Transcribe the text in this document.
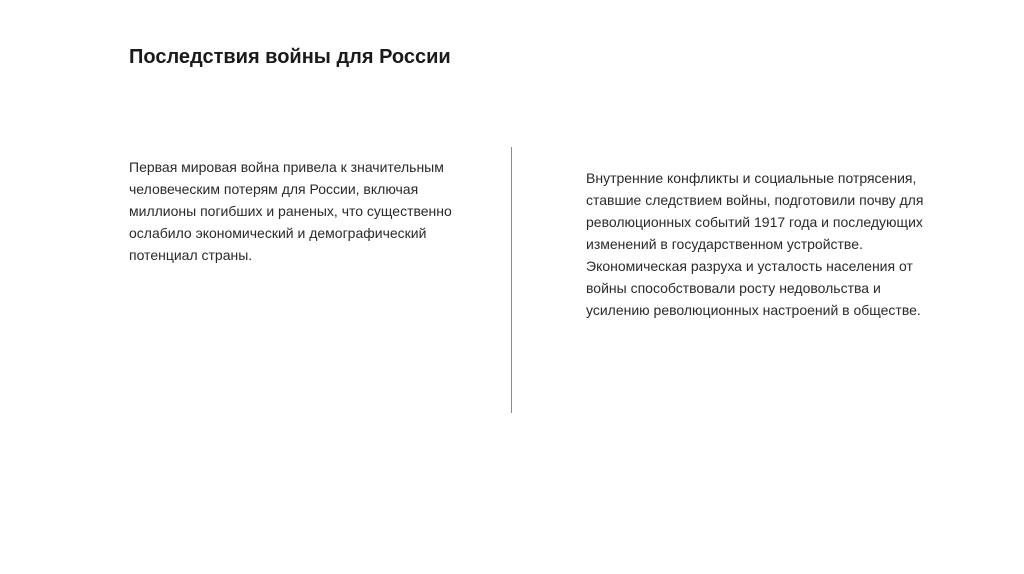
Последствия войны для России

Первая мировая война привела к значительным человеческим потерям для России, включая миллионы погибших и раненых, что существенно ослабило экономический и демографический потенциал страны.

Внутренние конфликты и социальные потрясения, ставшие следствием войны, подготовили почву для революционных событий 1917 года и последующих изменений в государственном устройстве. Экономическая разруха и усталость населения от войны способствовали росту недовольства и усилению революционных настроений в обществе.
